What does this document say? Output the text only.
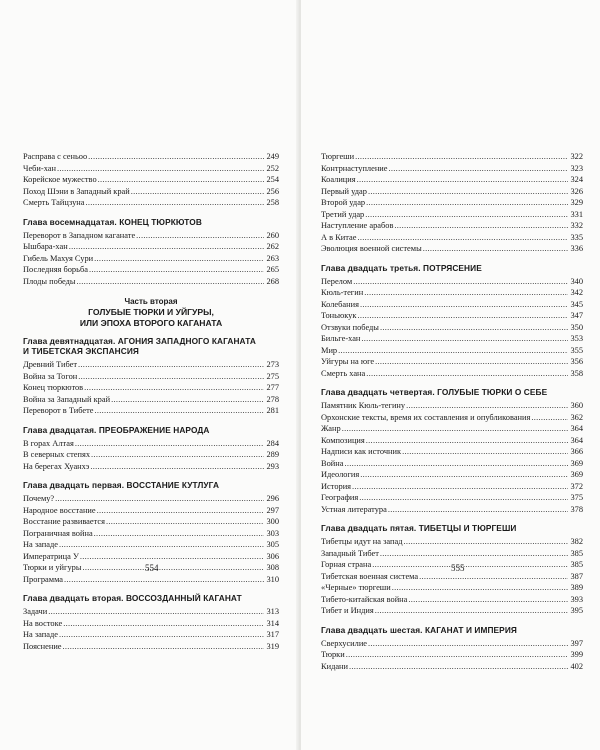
Расправа с сеньоо . . .	249
Чеби-хан . . .	252
Корейское мужество . . .	254
Поход Шэни в Западный край . . .	256
Смерть Тайцзуна . . .	258
Глава восемнадцатая. КОНЕЦ ТЮРКЮТОВ
Переворот в Западном каганате . . .	260
Ышбара-хан . . .	262
Гибель Махуя Сури . . .	263
Последняя борьба . . .	265
Плоды победы . . .	268
Часть вторая
ГОЛУБЫЕ ТЮРКИ И УЙГУРЫ,
ИЛИ ЭПОХА ВТОРОГО КАГАНАТА
Глава девятнадцатая. АГОНИЯ ЗАПАДНОГО КАГАНАТА
И ТИБЕТСКАЯ ЭКСПАНСИЯ
Древний Тибет . . .	273
Война за Тогон . . .	275
Конец тюркютов . . .	277
Война за Западный край . . .	278
Переворот в Тибете . . .	281
Глава двадцатая. ПРЕОБРАЖЕНИЕ НАРОДА
В горах Алтая . . .	284
В северных степях . . .	289
На берегах Хуанхэ . . .	293
Глава двадцать первая. ВОССТАНИЕ КУТЛУГА
Почему? . . .	296
Народное восстание . . .	297
Восстание развивается . . .	300
Пограничная война . . .	303
На западе . . .	305
Императрица У . . .	306
Тюрки и уйгуры . . .	308
Программа . . .	310
Глава двадцать вторая. ВОССОЗДАННЫЙ КАГАНАТ
Задачи . . .	313
На востоке . . .	314
На западе . . .	317
Пояснение . . .	319
554
Тюргеши . . .	322
Контрнаступление . . .	323
Коалиция . . .	324
Первый удар . . .	326
Второй удар . . .	329
Третий удар . . .	331
Наступление арабов . . .	332
А в Китае . . .	335
Эволюция военной системы . . .	336
Глава двадцать третья. ПОТРЯСЕНИЕ
Перелом . . .	340
Кюль-тегин . . .	342
Колебания . . .	345
Тоньюкук . . .	347
Отзвуки победы . . .	350
Бильге-хан . . .	353
Мир . . .	355
Уйгуры на юге . . .	356
Смерть хана . . .	358
Глава двадцать четвертая. ГОЛУБЫЕ ТЮРКИ О СЕБЕ
Памятник Кюль-тегину . . .	360
Орхонские тексты, время их составления и опубликования . . .	362
Жанр . . .	364
Композиция . . .	364
Надписи как источник . . .	366
Война . . .	369
Идеология . . .	369
История . . .	372
География . . .	375
Устная литература . . .	378
Глава двадцать пятая. ТИБЕТЦЫ И ТЮРГЕШИ
Тибетцы идут на запад . . .	382
Западный Тибет . . .	385
Горная страна . . .	385
Тибетская военная система . . .	387
«Черные» тюргеши . . .	389
Тибето-китайская война . . .	393
Тибет и Индия . . .	395
Глава двадцать шестая. КАГАНАТ И ИМПЕРИЯ
Сверхусилие . . .	397
Тюрки . . .	399
Кидани . . .	402
555
